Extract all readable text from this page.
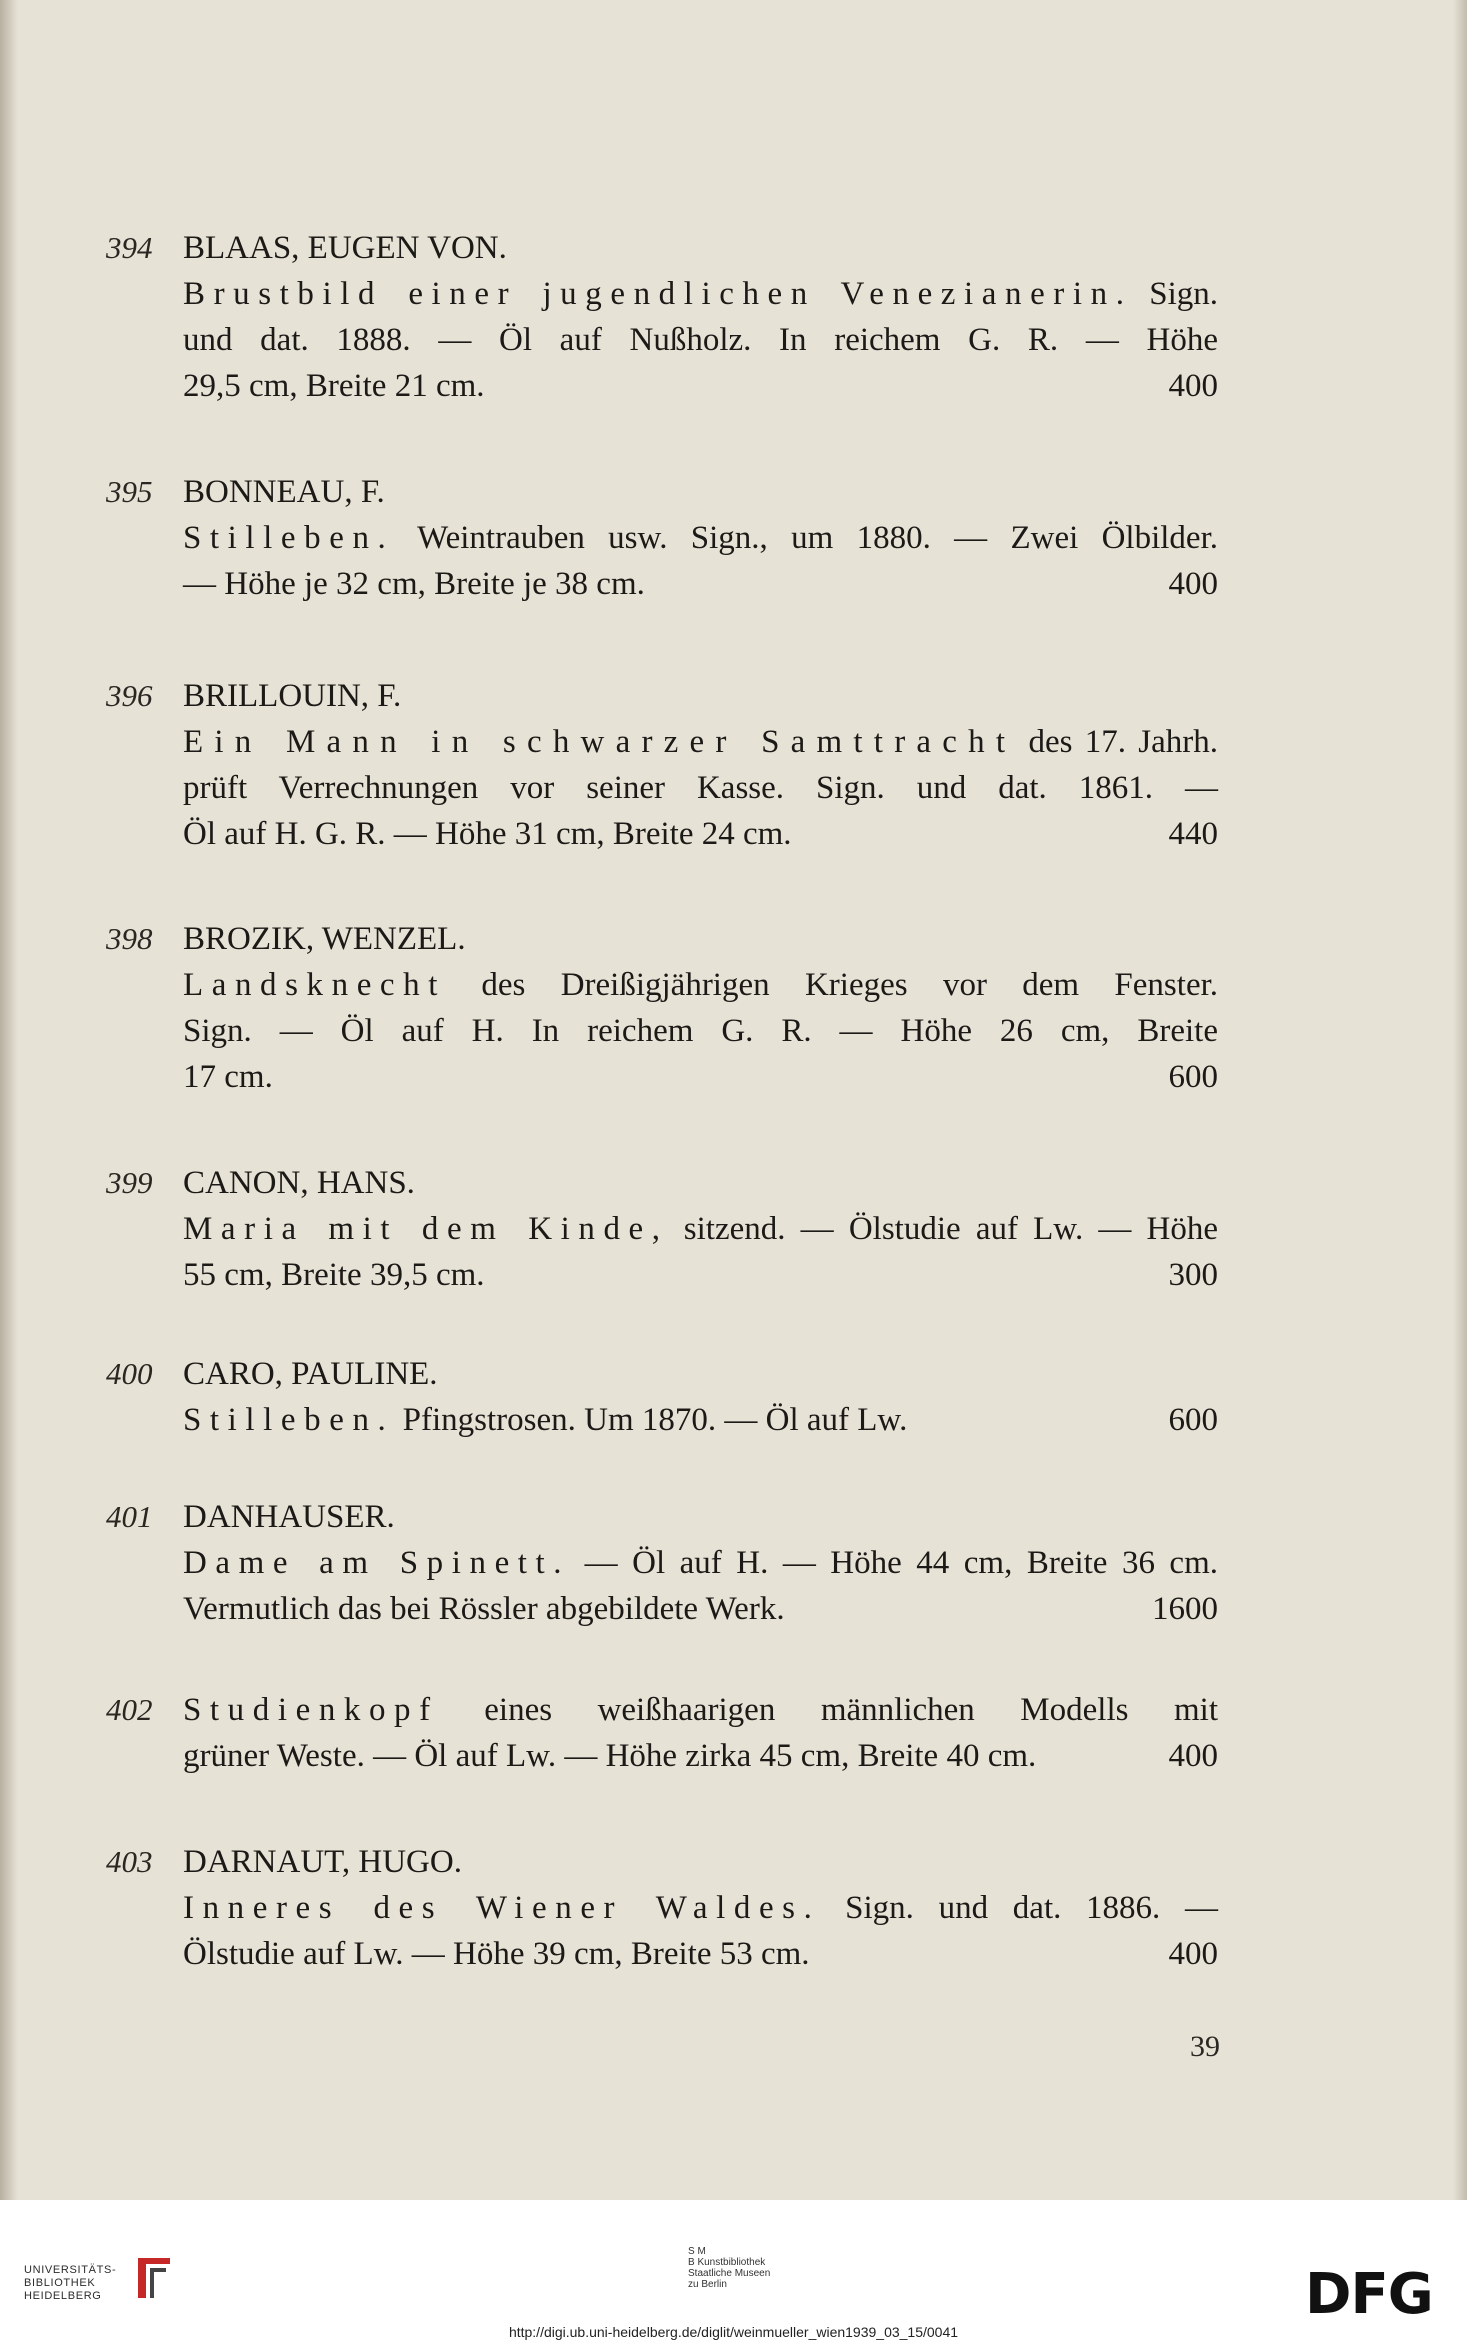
394 BLAAS, EUGEN VON.
Brustbild einer jugendlichen Venezianerin. Sign.
und dat. 1888. — Öl auf Nußholz. In reichem G. R. — Höhe
29,5 cm, Breite 21 cm.	400
395 BONNEAU, F.
Stilleben. Weintrauben usw. Sign., um 1880. — Zwei Ölbilder.
— Höhe je 32 cm, Breite je 38 cm.	400
396 BRILLOUIN, F.
Ein Mann in schwarzer Samttracht des 17. Jahrh.
prüft Verrechnungen vor seiner Kasse. Sign. und dat. 1861. —
Öl auf H. G. R. — Höhe 31 cm, Breite 24 cm.	440
398 BROZIK, WENZEL.
Landsknecht des Dreißigjährigen Krieges vor dem Fenster.
Sign. — Öl auf H. In reichem G. R. — Höhe 26 cm, Breite
17 cm.	600
399 CANON, HANS.
Maria mit dem Kinde, sitzend. — Ölstudie auf Lw. — Höhe
55 cm, Breite 39,5 cm.	300
400 CARO, PAULINE.
Stilleben. Pfingstrosen. Um 1870. — Öl auf Lw.	600
401 DANHAUSER.
Dame am Spinett. — Öl auf H. — Höhe 44 cm, Breite 36 cm.
Vermutlich das bei Rössler abgebildete Werk.	1600
402 Studienkopf eines weißhaarigen männlichen Modells mit
grüner Weste. — Öl auf Lw. — Höhe zirka 45 cm, Breite 40 cm.	400
403 DARNAUT, HUGO.
Inneres des Wiener Waldes. Sign. und dat. 1886. —
Ölstudie auf Lw. — Höhe 39 cm, Breite 53 cm.	400
39
UNIVERSITÄTS-
BIBLIOTHEK
HEIDELBERG
S M
B Kunstbibliothek
Staatliche Museen
zu Berlin	DFG
http://digi.ub.uni-heidelberg.de/diglit/weinmueller_wien1939_03_15/0041
